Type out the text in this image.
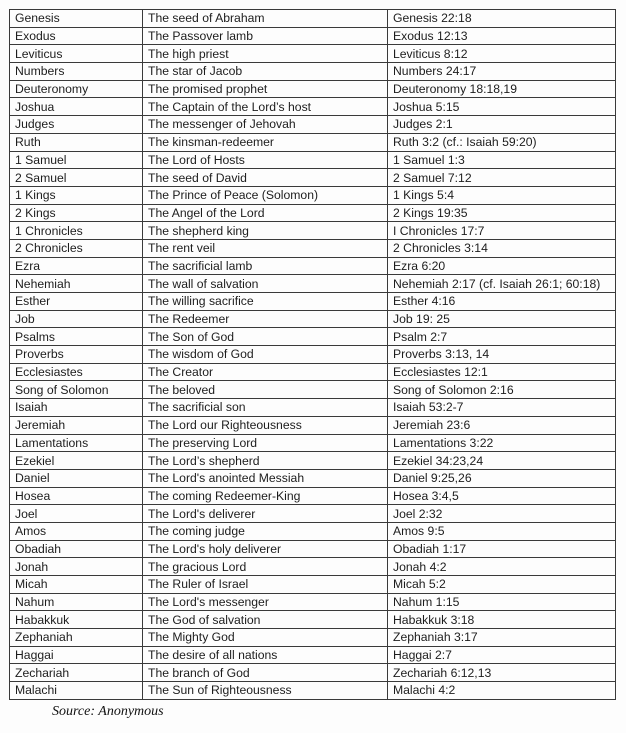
Genesis	The seed of Abraham	Genesis 22:18
Exodus	The Passover lamb	Exodus 12:13
Leviticus	The high priest	Leviticus 8:12
Numbers	The star of Jacob	Numbers 24:17
Deuteronomy	The promised prophet	Deuteronomy 18:18,19
Joshua	The Captain of the Lord’s host	Joshua 5:15
Judges	The messenger of Jehovah	Judges 2:1
Ruth	The kinsman-redeemer	Ruth 3:2 (cf.: Isaiah 59:20)
1 Samuel	The Lord of Hosts	1 Samuel 1:3
2 Samuel	The seed of David	2 Samuel 7:12
1 Kings	The Prince of Peace (Solomon)	1 Kings 5:4
2 Kings	The Angel of the Lord	2 Kings 19:35
1 Chronicles	The shepherd king	I Chronicles 17:7
2 Chronicles	The rent veil	2 Chronicles 3:14
Ezra	The sacrificial lamb	Ezra 6:20
Nehemiah	The wall of salvation	Nehemiah 2:17 (cf. Isaiah 26:1; 60:18)
Esther	The willing sacrifice	Esther 4:16
Job	The Redeemer	Job 19: 25
Psalms	The Son of God	Psalm 2:7
Proverbs	The wisdom of God	Proverbs 3:13, 14
Ecclesiastes	The Creator	Ecclesiastes 12:1
Song of Solomon	The beloved	Song of Solomon 2:16
Isaiah	The sacrificial son	Isaiah 53:2-7
Jeremiah	The Lord our Righteousness	Jeremiah 23:6
Lamentations	The preserving Lord	Lamentations 3:22
Ezekiel	The Lord’s shepherd	Ezekiel 34:23,24
Daniel	The Lord's anointed Messiah	Daniel 9:25,26
Hosea	The coming Redeemer-King	Hosea 3:4,5
Joel	The Lord's deliverer	Joel 2:32
Amos	The coming judge	Amos 9:5
Obadiah	The Lord's holy deliverer	Obadiah 1:17
Jonah	The gracious Lord	Jonah 4:2
Micah	The Ruler of Israel	Micah 5:2
Nahum	The Lord's messenger	Nahum 1:15
Habakkuk	The God of salvation	Habakkuk 3:18
Zephaniah	The Mighty God	Zephaniah 3:17
Haggai	The desire of all nations	Haggai 2:7
Zechariah	The branch of God	Zechariah 6:12,13
Malachi	The Sun of Righteousness	Malachi 4:2
Source: Anonymous
